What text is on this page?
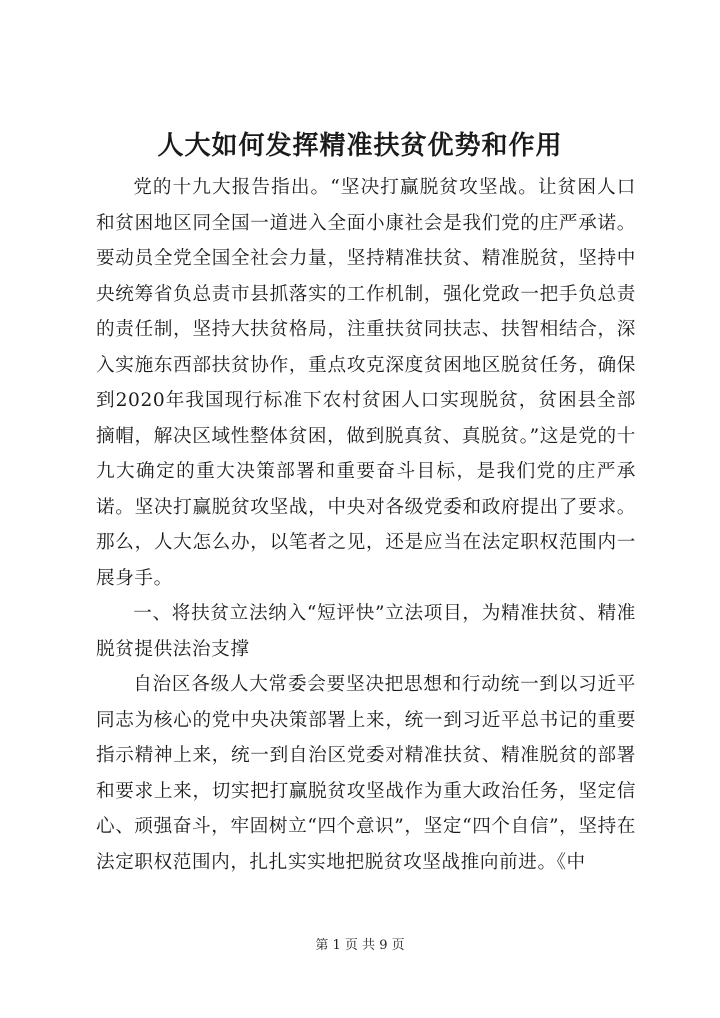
人大如何发挥精准扶贫优势和作用

党的十九大报告指出。“坚决打赢脱贫攻坚战。让贫困人口和贫困地区同全国一道进入全面小康社会是我们党的庄严承诺。要动员全党全国全社会力量，坚持精准扶贫、精准脱贫，坚持中央统筹省负总责市县抓落实的工作机制，强化党政一把手负总责的责任制，坚持大扶贫格局，注重扶贫同扶志、扶智相结合，深入实施东西部扶贫协作，重点攻克深度贫困地区脱贫任务，确保到2020年我国现行标准下农村贫困人口实现脱贫，贫困县全部摘帽，解决区域性整体贫困，做到脱真贫、真脱贫。”这是党的十九大确定的重大决策部署和重要奋斗目标，是我们党的庄严承诺。坚决打赢脱贫攻坚战，中央对各级党委和政府提出了要求。那么，人大怎么办，以笔者之见，还是应当在法定职权范围内一展身手。

一、将扶贫立法纳入“短评快”立法项目，为精准扶贫、精准脱贫提供法治支撑

自治区各级人大常委会要坚决把思想和行动统一到以习近平同志为核心的党中央决策部署上来，统一到习近平总书记的重要指示精神上来，统一到自治区党委对精准扶贫、精准脱贫的部署和要求上来，切实把打赢脱贫攻坚战作为重大政治任务，坚定信心、顽强奋斗，牢固树立“四个意识”，坚定“四个自信”，坚持在法定职权范围内，扎扎实实地把脱贫攻坚战推向前进。《中

第 1 页 共 9 页
